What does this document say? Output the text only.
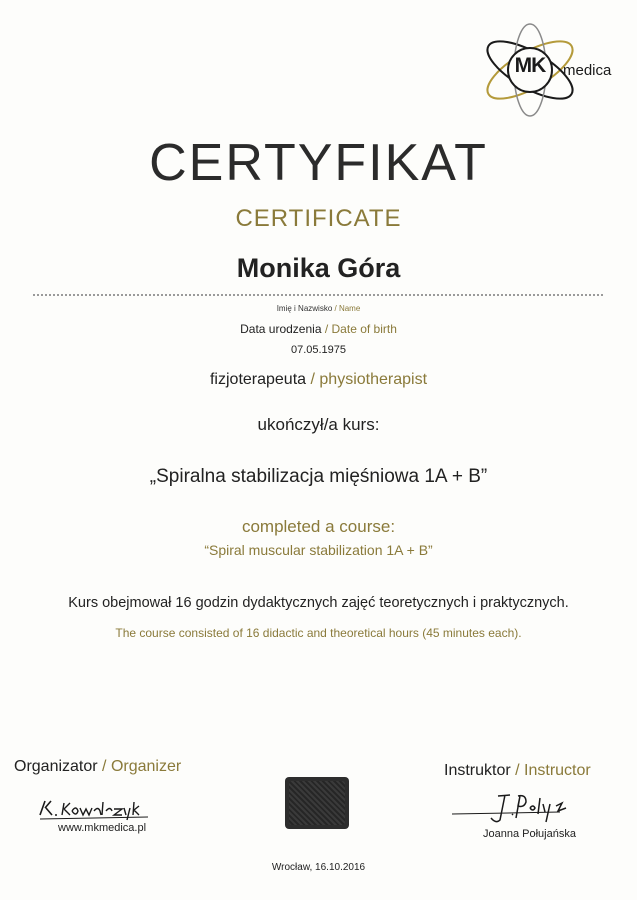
MK	medica
CERTYFIKAT
CERTIFICATE
Monika Góra
Imię i Nazwisko / Name
Data urodzenia / Date of birth
07.05.1975
fizjoterapeuta / physiotherapist
ukończył/a kurs:
„Spiralna stabilizacja mięśniowa 1A + B”
completed a course:
“Spiral muscular stabilization 1A + B”
Kurs obejmował 16 godzin dydaktycznych zajęć teoretycznych i praktycznych.
The course consisted of 16 didactic and theoretical hours (45 minutes each).
Organizator / Organizer
www.mkmedica.pl
Instruktor / Instructor
Joanna Połujańska
Wrocław, 16.10.2016
